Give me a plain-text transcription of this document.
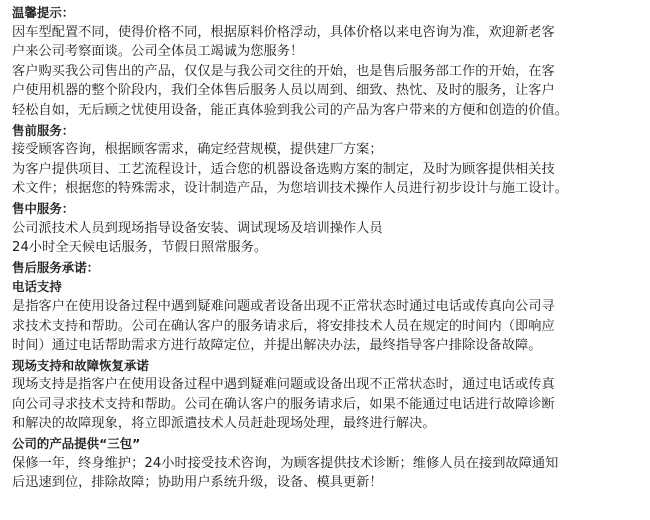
温馨提示：
因车型配置不同，使得价格不同，根据原料价格浮动，具体价格以来电咨询为准，欢迎新老客
户来公司考察面谈。公司全体员工竭诚为您服务！
客户购买我公司售出的产品，仅仅是与我公司交往的开始，也是售后服务部工作的开始，在客
户使用机器的整个阶段内，我们全体售后服务人员以周到、细致、热忱、及时的服务，让客户
轻松自如，无后顾之忧使用设备，能正真体验到我公司的产品为客户带来的方便和创造的价值。
售前服务：
接受顾客咨询，根据顾客需求，确定经营规模，提供建厂方案；
为客户提供项目、工艺流程设计，适合您的机器设备选购方案的制定，及时为顾客提供相关技
术文件；根据您的特殊需求，设计制造产品，为您培训技术操作人员进行初步设计与施工设计。
售中服务：
公司派技术人员到现场指导设备安装、调试现场及培训操作人员
24小时全天候电话服务，节假日照常服务。
售后服务承诺：
电话支持
是指客户在使用设备过程中遇到疑难问题或者设备出现不正常状态时通过电话或传真向公司寻
求技术支持和帮助。公司在确认客户的服务请求后，将安排技术人员在规定的时间内（即响应
时间）通过电话帮助需求方进行故障定位，并提出解决办法，最终指导客户排除设备故障。
现场支持和故障恢复承诺
现场支持是指客户在使用设备过程中遇到疑难问题或设备出现不正常状态时，通过电话或传真
向公司寻求技术支持和帮助。公司在确认客户的服务请求后，如果不能通过电话进行故障诊断
和解决的故障现象，将立即派遣技术人员赶赴现场处理，最终进行解决。
公司的产品提供“三包”
保修一年，终身维护；24小时接受技术咨询，为顾客提供技术诊断；维修人员在接到故障通知
后迅速到位，排除故障；协助用户系统升级，设备、模具更新！
